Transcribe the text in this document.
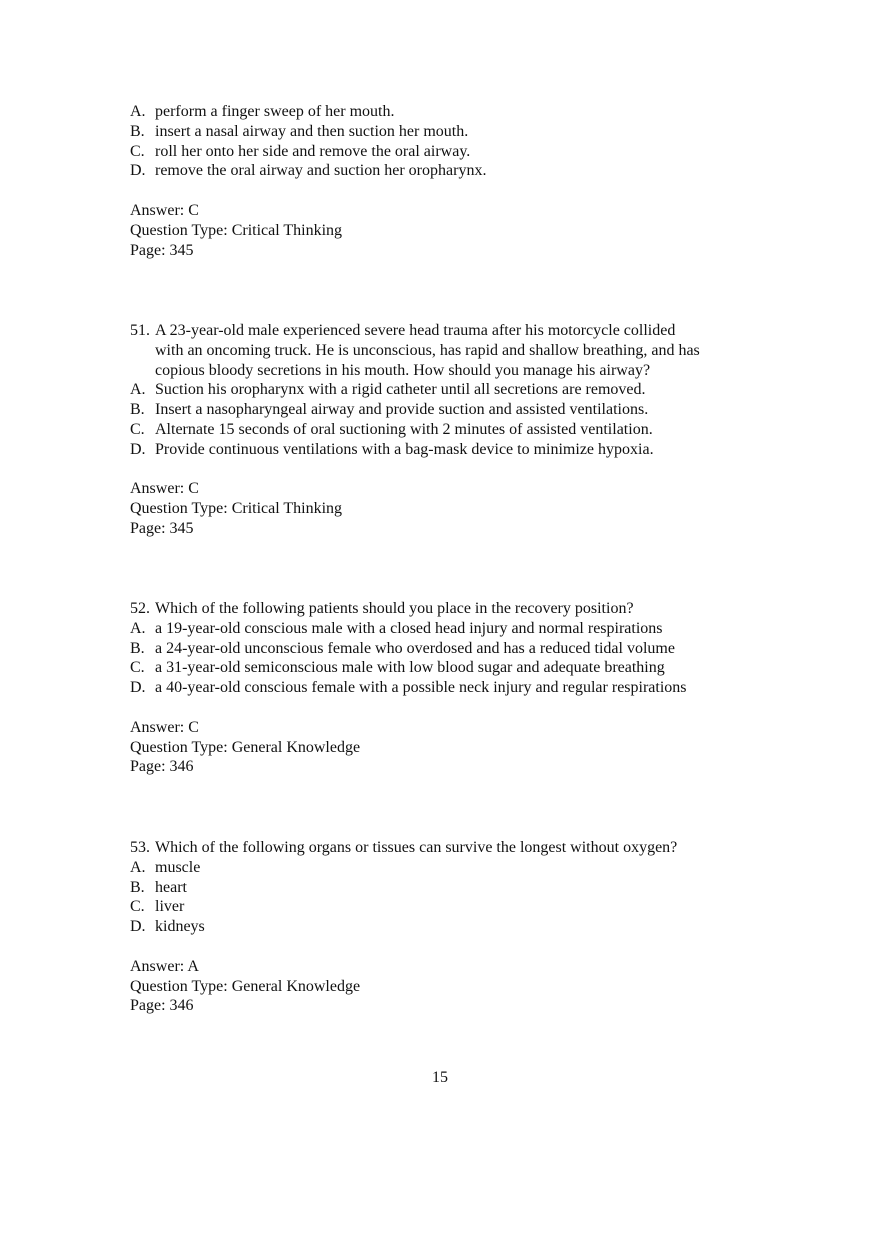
A. perform a finger sweep of her mouth.
B. insert a nasal airway and then suction her mouth.
C. roll her onto her side and remove the oral airway.
D. remove the oral airway and suction her oropharynx.
Answer: C
Question Type: Critical Thinking
Page: 345
51. A 23-year-old male experienced severe head trauma after his motorcycle collided
with an oncoming truck. He is unconscious, has rapid and shallow breathing, and has
copious bloody secretions in his mouth. How should you manage his airway?
A. Suction his oropharynx with a rigid catheter until all secretions are removed.
B. Insert a nasopharyngeal airway and provide suction and assisted ventilations.
C. Alternate 15 seconds of oral suctioning with 2 minutes of assisted ventilation.
D. Provide continuous ventilations with a bag-mask device to minimize hypoxia.
Answer: C
Question Type: Critical Thinking
Page: 345
52. Which of the following patients should you place in the recovery position?
A. a 19-year-old conscious male with a closed head injury and normal respirations
B. a 24-year-old unconscious female who overdosed and has a reduced tidal volume
C. a 31-year-old semiconscious male with low blood sugar and adequate breathing
D. a 40-year-old conscious female with a possible neck injury and regular respirations
Answer: C
Question Type: General Knowledge
Page: 346
53. Which of the following organs or tissues can survive the longest without oxygen?
A. muscle
B. heart
C. liver
D. kidneys
Answer: A
Question Type: General Knowledge
Page: 346
15
